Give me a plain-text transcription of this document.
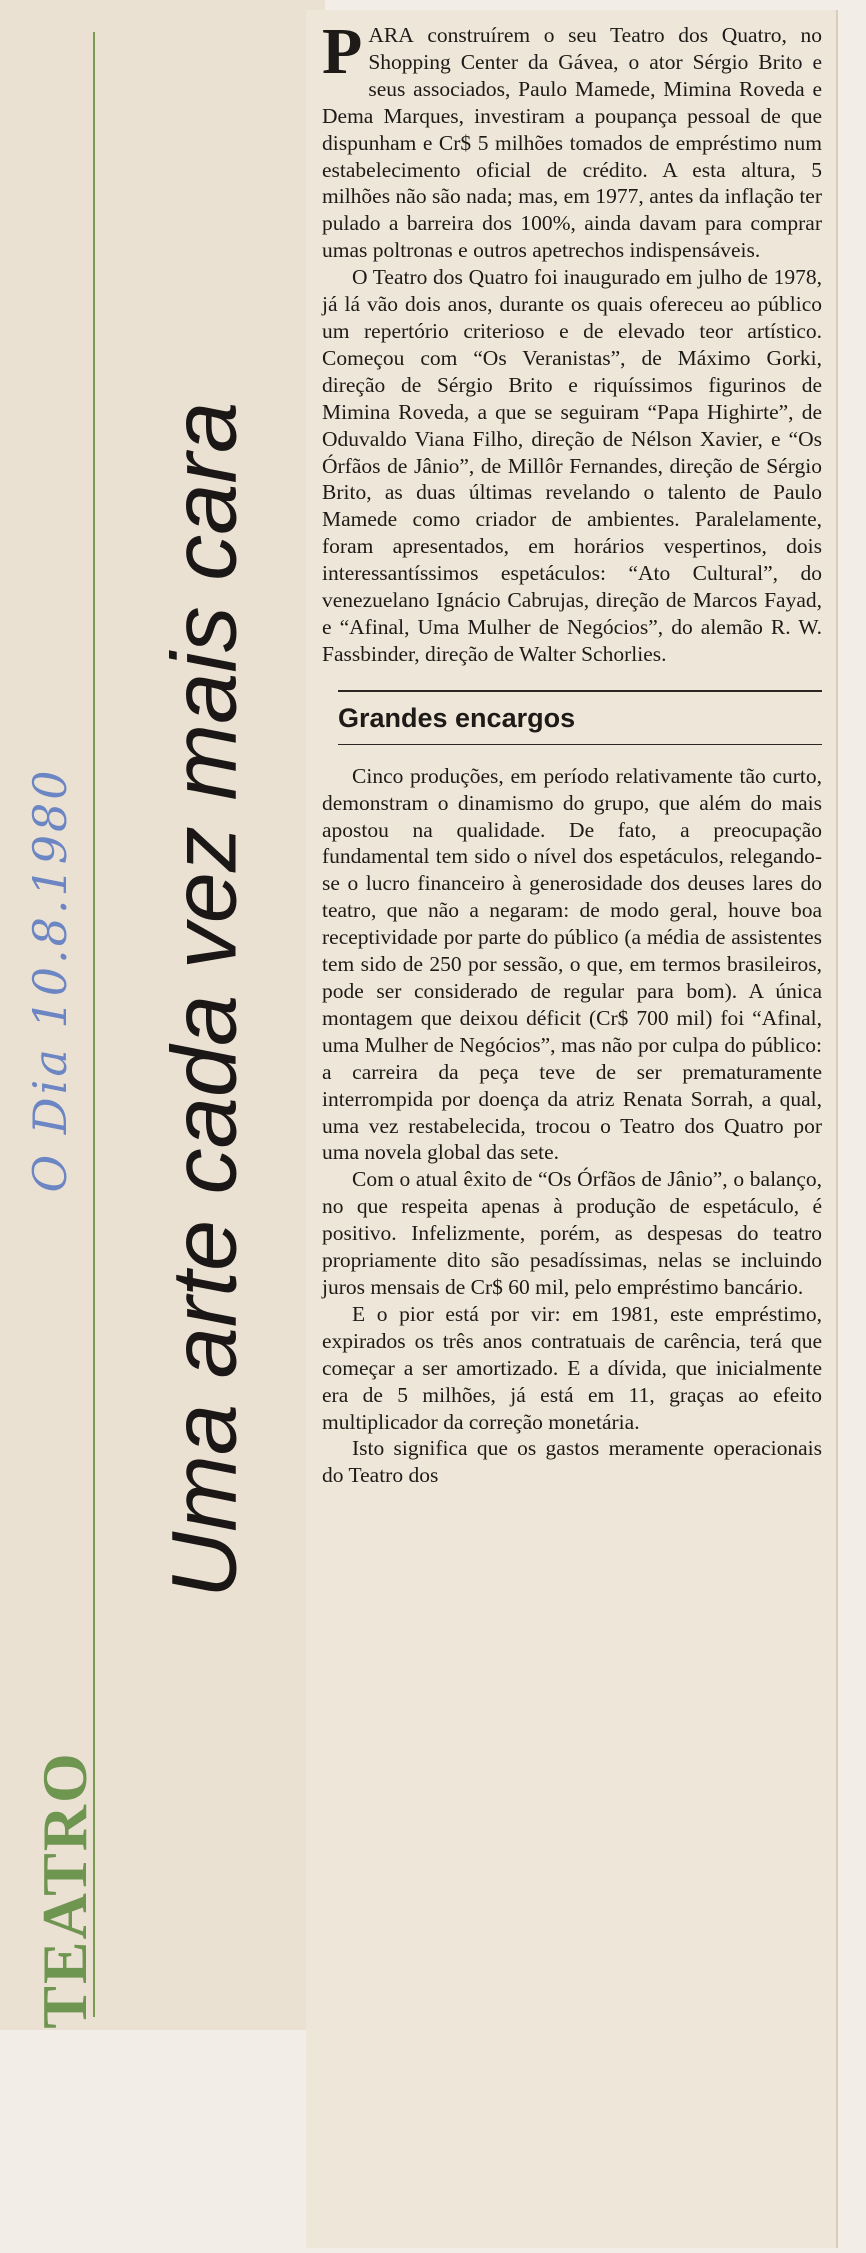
TEATRO
Uma arte cada vez mais cara
O Dia 10.8.1980

PARA construírem o seu Teatro dos Quatro, no Shopping Center da Gávea, o ator Sérgio Brito e seus associados, Paulo Mamede, Mimina Roveda e Dema Marques, investiram a poupança pessoal de que dispunham e Cr$ 5 milhões tomados de empréstimo num estabelecimento oficial de crédito. A esta altura, 5 milhões não são nada; mas, em 1977, antes da inflação ter pulado a barreira dos 100%, ainda davam para comprar umas poltronas e outros apetrechos indispensáveis.

O Teatro dos Quatro foi inaugurado em julho de 1978, já lá vão dois anos, durante os quais ofereceu ao público um repertório criterioso e de elevado teor artístico. Começou com “Os Veranistas”, de Máximo Gorki, direção de Sérgio Brito e riquíssimos figurinos de Mimina Roveda, a que se seguiram “Papa Highirte”, de Oduvaldo Viana Filho, direção de Nélson Xavier, e “Os Órfãos de Jânio”, de Millôr Fernandes, direção de Sérgio Brito, as duas últimas revelando o talento de Paulo Mamede como criador de ambientes. Paralelamente, foram apresentados, em horários vespertinos, dois interessantíssimos espetáculos: “Ato Cultural”, do venezuelano Ignácio Cabrujas, direção de Marcos Fayad, e “Afinal, Uma Mulher de Negócios”, do alemão R. W. Fassbinder, direção de Walter Schorlies.

Grandes encargos

Cinco produções, em período relativamente tão curto, demonstram o dinamismo do grupo, que além do mais apostou na qualidade. De fato, a preocupação fundamental tem sido o nível dos espetáculos, relegando-se o lucro financeiro à generosidade dos deuses lares do teatro, que não a negaram: de modo geral, houve boa receptividade por parte do público (a média de assistentes tem sido de 250 por sessão, o que, em termos brasileiros, pode ser considerado de regular para bom). A única montagem que deixou déficit (Cr$ 700 mil) foi “Afinal, uma Mulher de Negócios”, mas não por culpa do público: a carreira da peça teve de ser prematuramente interrompida por doença da atriz Renata Sorrah, a qual, uma vez restabelecida, trocou o Teatro dos Quatro por uma novela global das sete.

Com o atual êxito de “Os Órfãos de Jânio”, o balanço, no que respeita apenas à produção de espetáculo, é positivo. Infelizmente, porém, as despesas do teatro propriamente dito são pesadíssimas, nelas se incluindo juros mensais de Cr$ 60 mil, pelo empréstimo bancário.

E o pior está por vir: em 1981, este empréstimo, expirados os três anos contratuais de carência, terá que começar a ser amortizado. E a dívida, que inicialmente era de 5 milhões, já está em 11, graças ao efeito multiplicador da correção monetária.

Isto significa que os gastos meramente operacionais do Teatro dos
